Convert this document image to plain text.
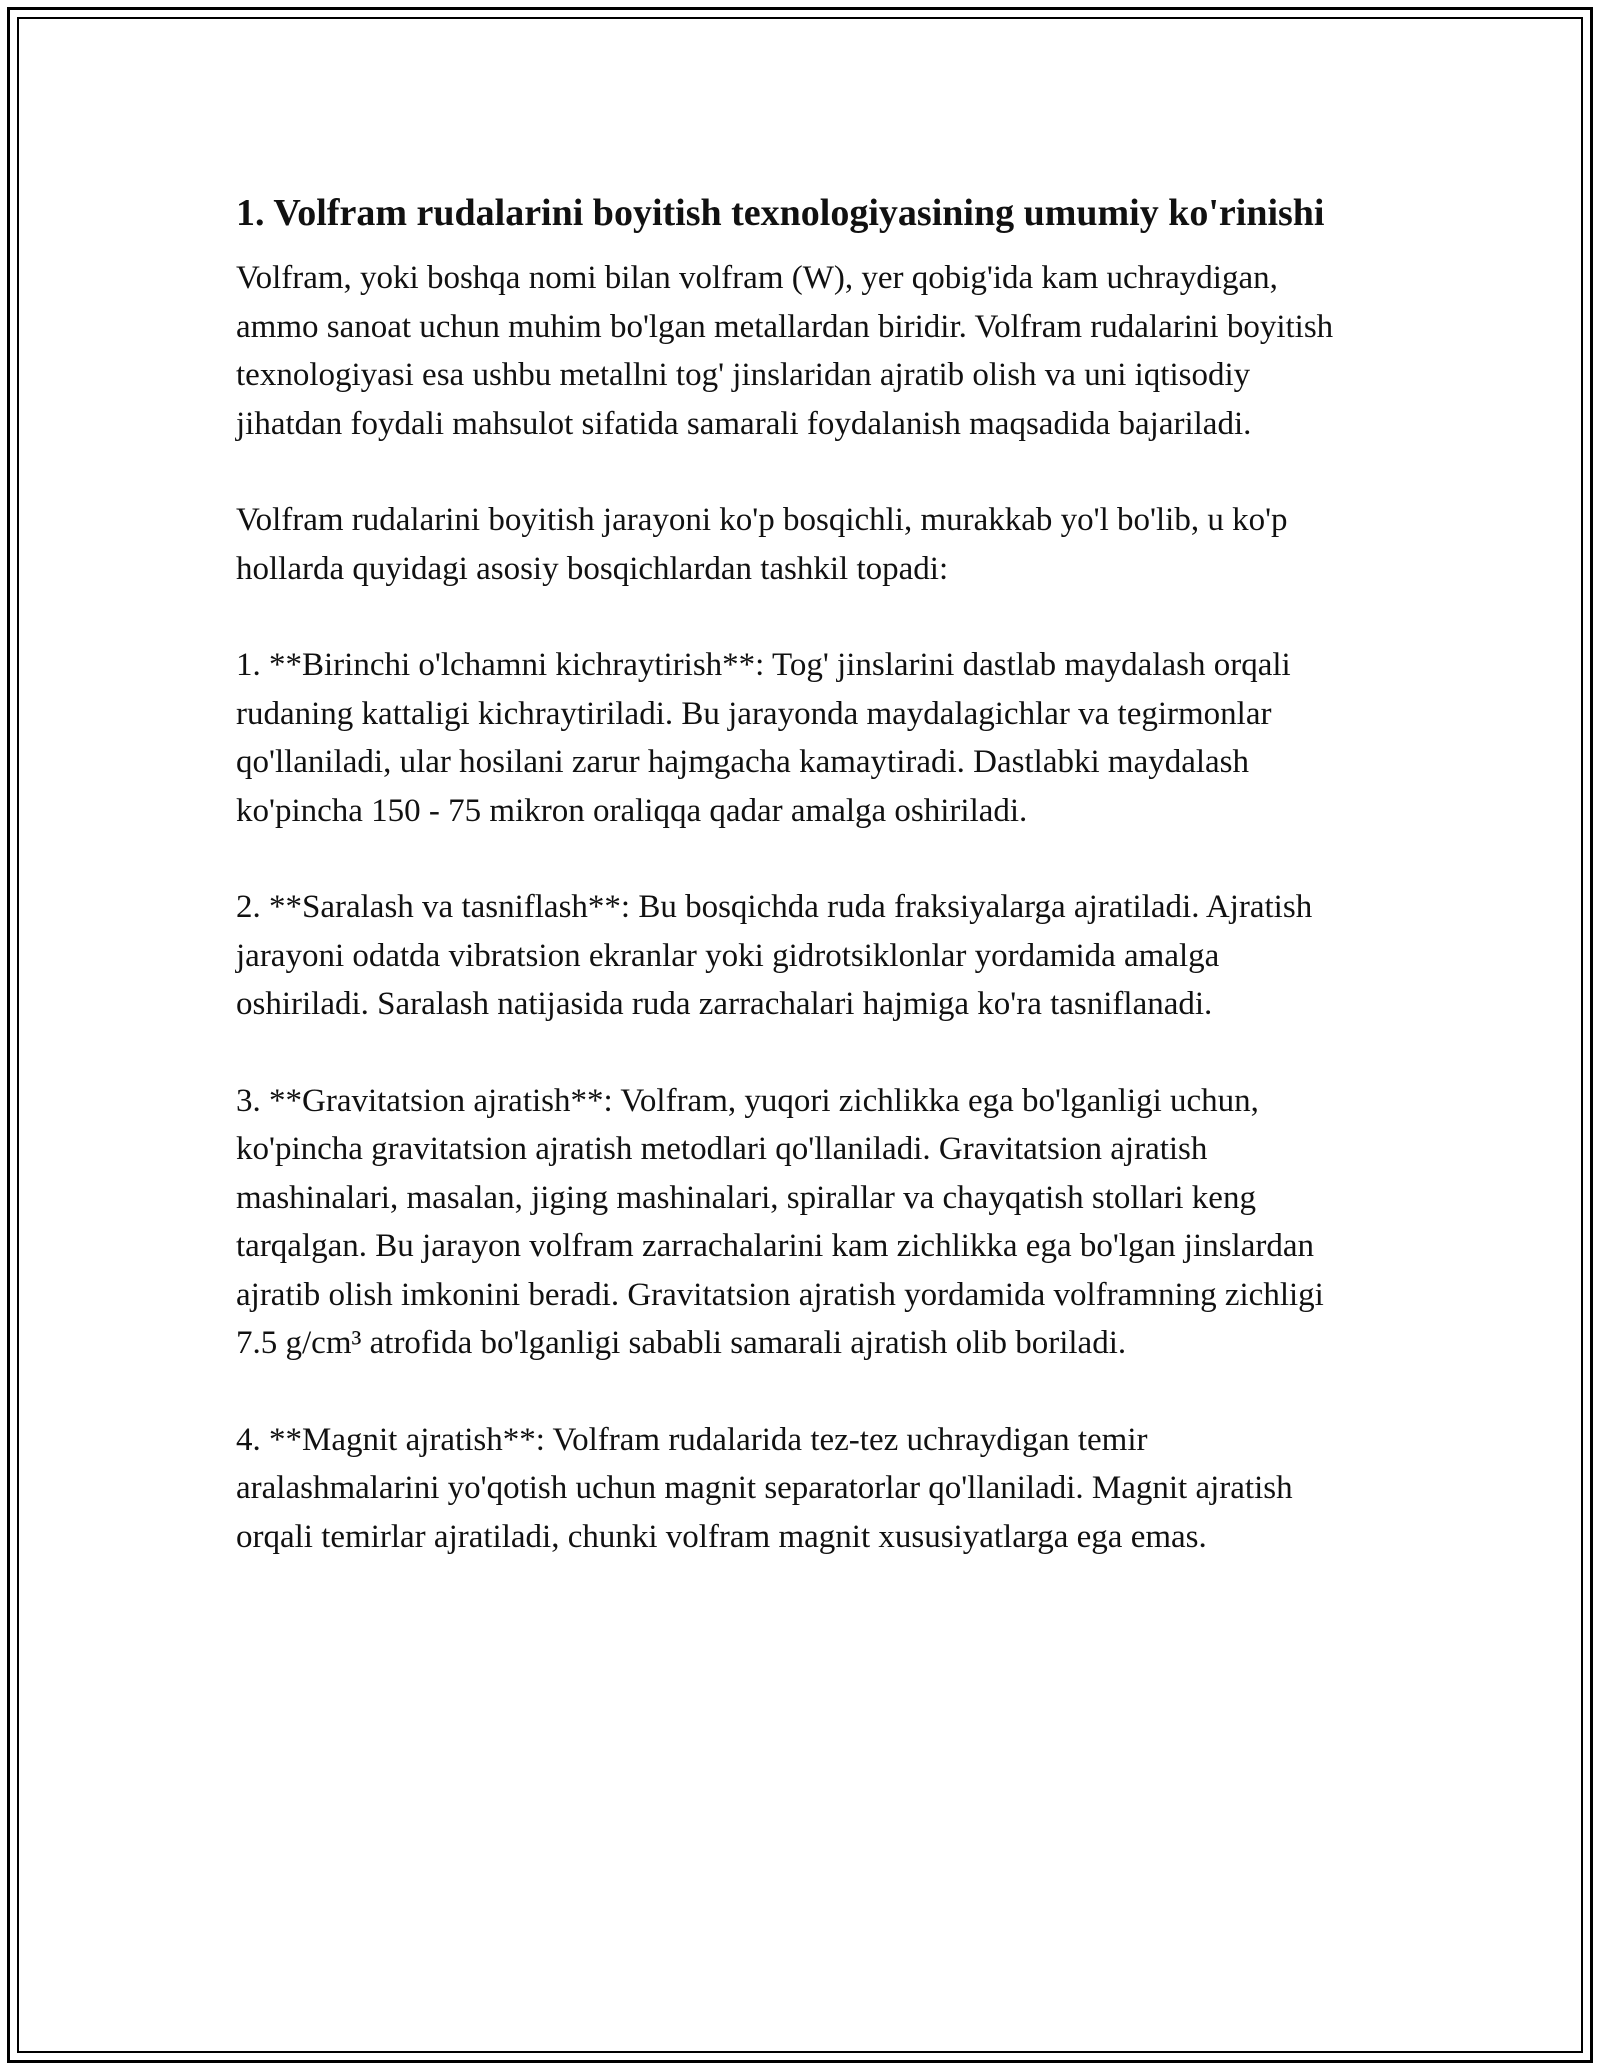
1. Volfram rudalarini boyitish texnologiyasining umumiy ko'rinishi

Volfram, yoki boshqa nomi bilan volfram (W), yer qobig'ida kam uchraydigan, ammo sanoat uchun muhim bo'lgan metallardan biridir. Volfram rudalarini boyitish texnologiyasi esa ushbu metallni tog' jinslaridan ajratib olish va uni iqtisodiy jihatdan foydali mahsulot sifatida samarali foydalanish maqsadida bajariladi.

Volfram rudalarini boyitish jarayoni ko'p bosqichli, murakkab yo'l bo'lib, u ko'p hollarda quyidagi asosiy bosqichlardan tashkil topadi:

1. **Birinchi o'lchamni kichraytirish**: Tog' jinslarini dastlab maydalash orqali rudaning kattaligi kichraytiriladi. Bu jarayonda maydalagichlar va tegirmonlar qo'llaniladi, ular hosilani zarur hajmgacha kamaytiradi. Dastlabki maydalash ko'pincha 150 - 75 mikron oraliqqa qadar amalga oshiriladi.

2. **Saralash va tasniflash**: Bu bosqichda ruda fraksiyalarga ajratiladi. Ajratish jarayoni odatda vibratsion ekranlar yoki gidrotsiklonlar yordamida amalga oshiriladi. Saralash natijasida ruda zarrachalari hajmiga ko'ra tasniflanadi.

3. **Gravitatsion ajratish**: Volfram, yuqori zichlikka ega bo'lganligi uchun, ko'pincha gravitatsion ajratish metodlari qo'llaniladi. Gravitatsion ajratish mashinalari, masalan, jiging mashinalari, spirallar va chayqatish stollari keng tarqalgan. Bu jarayon volfram zarrachalarini kam zichlikka ega bo'lgan jinslardan ajratib olish imkonini beradi. Gravitatsion ajratish yordamida volframning zichligi 7.5 g/cm³ atrofida bo'lganligi sababli samarali ajratish olib boriladi.

4. **Magnit ajratish**: Volfram rudalarida tez-tez uchraydigan temir aralashmalarini yo'qotish uchun magnit separatorlar qo'llaniladi. Magnit ajratish orqali temirlar ajratiladi, chunki volfram magnit xususiyatlarga ega emas.
